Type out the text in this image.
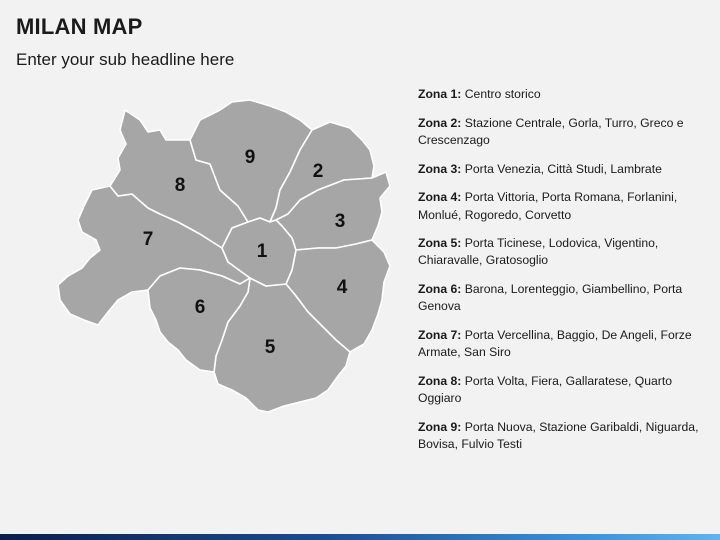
MILAN MAP
Enter your sub headline here
1
2
3
4
5
6
7
8
9
Zona 1: Centro storico
Zona 2: Stazione Centrale, Gorla, Turro, Greco e Crescenzago
Zona 3: Porta Venezia, Città Studi, Lambrate
Zona 4: Porta Vittoria, Porta Romana, Forlanini, Monlué, Rogoredo, Corvetto
Zona 5: Porta Ticinese, Lodovica, Vigentino, Chiaravalle, Gratosoglio
Zona 6: Barona, Lorenteggio, Giambellino, Porta Genova
Zona 7: Porta Vercellina, Baggio, De Angeli, Forze Armate, San Siro
Zona 8: Porta Volta, Fiera, Gallaratese, Quarto Oggiaro
Zona 9: Porta Nuova, Stazione Garibaldi, Niguarda, Bovisa, Fulvio Testi
